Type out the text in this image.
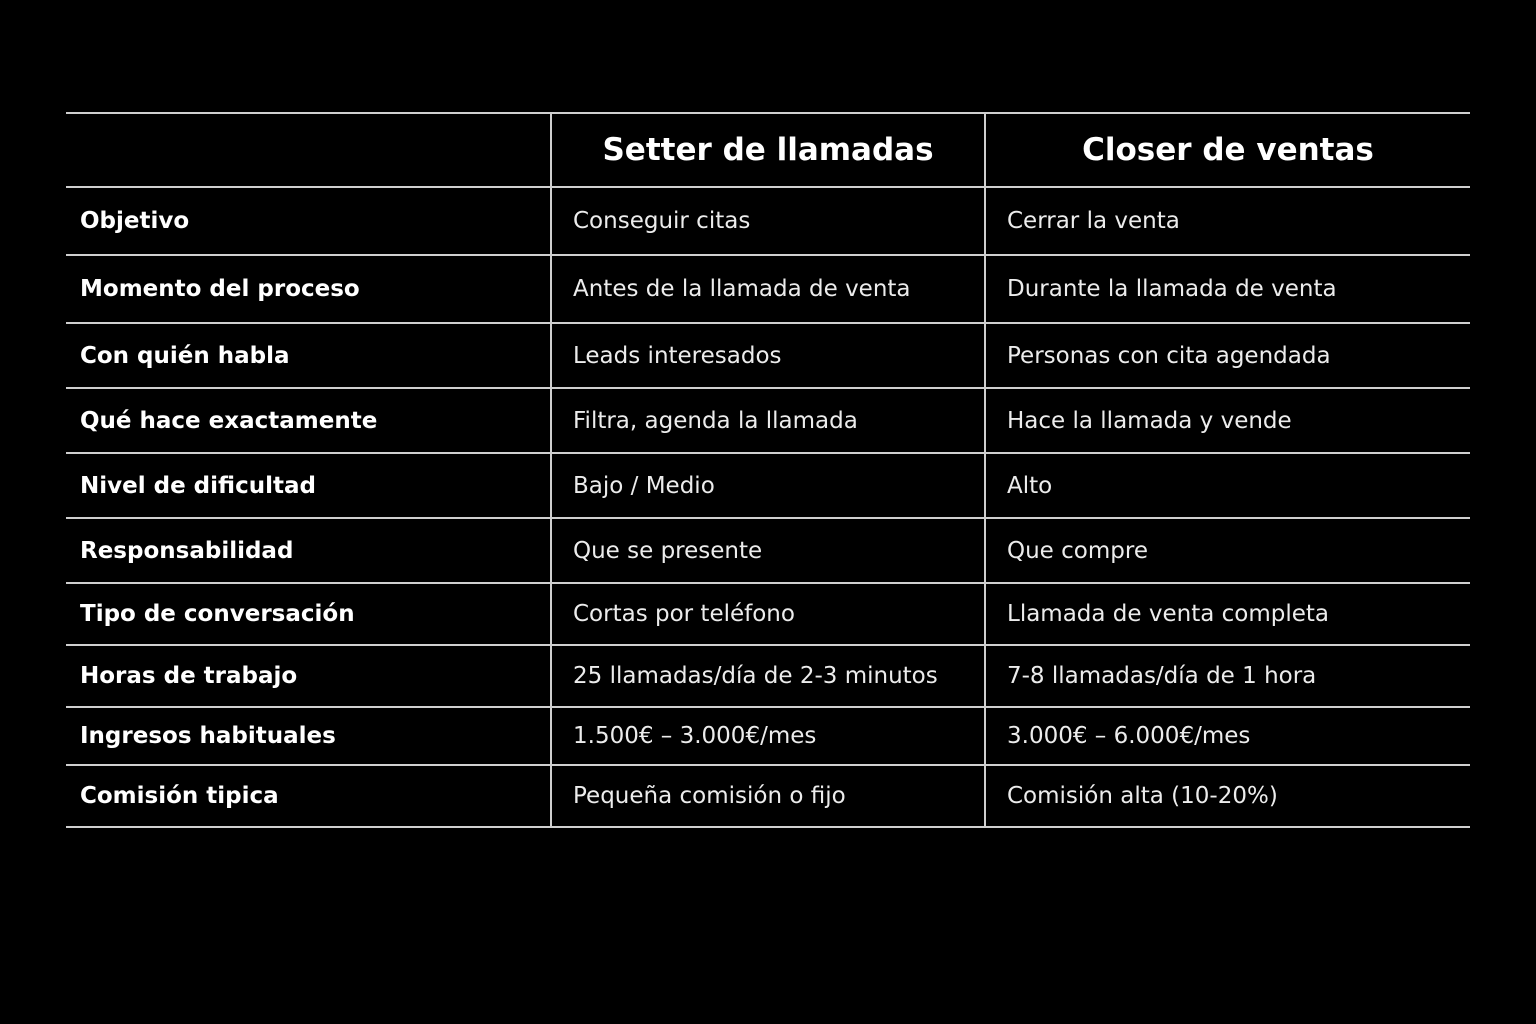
	Setter de llamadas	Closer de ventas
Objetivo	Conseguir citas	Cerrar la venta
Momento del proceso	Antes de la llamada de venta	Durante la llamada de venta
Con quién habla	Leads interesados	Personas con cita agendada
Qué hace exactamente	Filtra, agenda la llamada	Hace la llamada y vende
Nivel de dificultad	Bajo / Medio	Alto
Responsabilidad	Que se presente	Que compre
Tipo de conversación	Cortas por teléfono	Llamada de venta completa
Horas de trabajo	25 llamadas/día de 2-3 minutos	7-8 llamadas/día de 1 hora
Ingresos habituales	1.500€ – 3.000€/mes	3.000€ – 6.000€/mes
Comisión tipica	Pequeña comisión o fijo	Comisión alta (10-20%)
